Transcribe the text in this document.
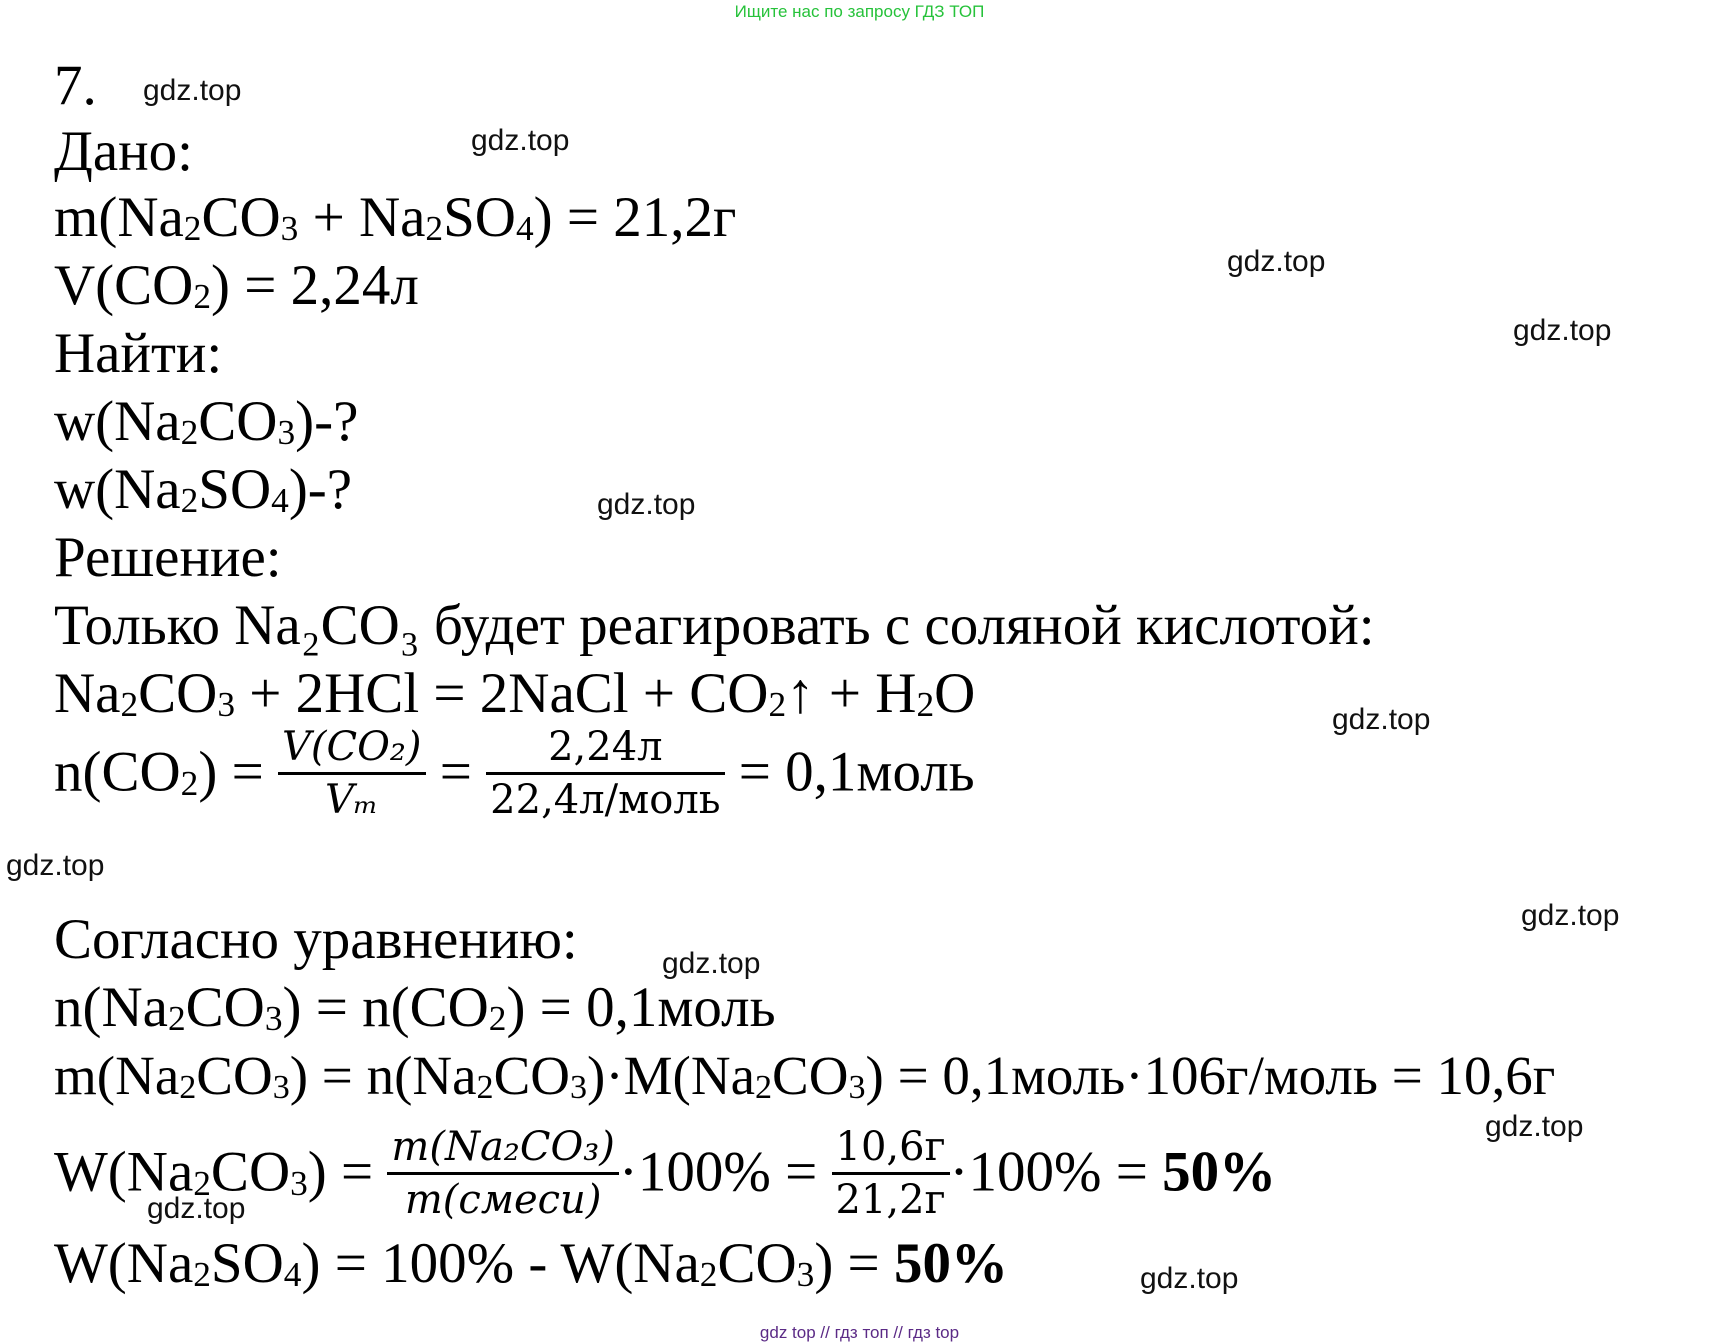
Ищите нас по запросу ГДЗ ТОП
7.
Дано:
$m(Na_2CO_3 + Na_2SO_4) = 21,2г$
$V(CO_2) = 2,24л$
Найти:
$w(Na_2CO_3)-$?
$w(Na_2SO_4)-$?
Решение:
Только Na₂CO₃ будет реагировать с соляной кислотой:
$Na_2CO_3 + 2HCl$ = 2NaCl + $CO_2↑ + H_2O$
$n(CO_2) = \frac{\text{V(CO₂)}}{\text{Vₘ}} = \frac{2,24л}{\text{22,4л/моль}}$ = 0,1моль
Согласно уравнению:
$n(Na_2CO_3) = n(CO_2)$ = 0,1моль
$m(Na_2CO_3) = n(Na_2CO_3)\cdot M(Na_2CO_3)$ = 0,1моль·106г/моль = 10,6г
$W(Na_2CO_3) = \frac{\text{m(Na₂CO₃)}}{\text{m(смеси)}} \cdot 100\% = \frac{10,6г}{21,2г} \cdot 100\% = 50\%$
$W(Na_2SO_4) = 100\% - W(Na_2CO_3) = 50\%$
gdz.top
gdz.top
gdz.top
gdz.top
gdz.top
gdz.top
gdz.top
gdz.top
gdz.top
gdz.top
gdz.top
gdz.top
gdz top // гдз топ // гдз top
